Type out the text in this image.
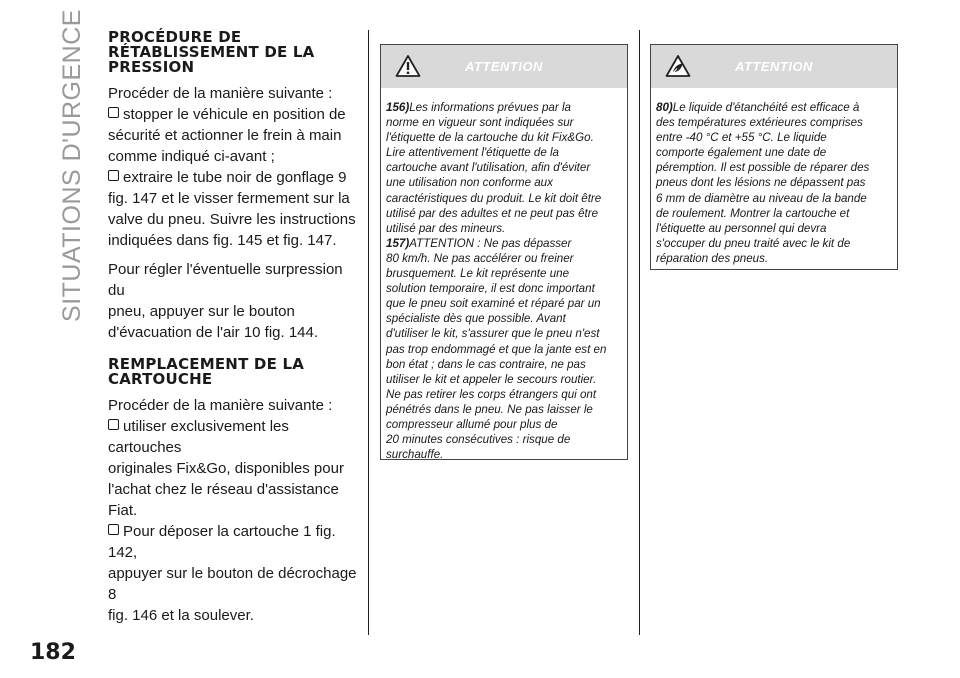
SITUATIONS D'URGENCE
182
PROCÉDURE DE
RÉTABLISSEMENT DE LA
PRESSION
Procéder de la manière suivante :
stopper le véhicule en position de
sécurité et actionner le frein à main
comme indiqué ci-avant ;
extraire le tube noir de gonflage 9
fig. 147 et le visser fermement sur la
valve du pneu. Suivre les instructions
indiquées dans fig. 145 et fig. 147.
Pour régler l'éventuelle surpression du
pneu, appuyer sur le bouton
d'évacuation de l'air 10 fig. 144.
REMPLACEMENT DE LA
CARTOUCHE
Procéder de la manière suivante :
utiliser exclusivement les cartouches
originales Fix&Go, disponibles pour
l'achat chez le réseau d'assistance Fiat.
Pour déposer la cartouche 1 fig. 142,
appuyer sur le bouton de décrochage 8
fig. 146 et la soulever.
ATTENTION

156)Les informations prévues par la

norme en vigueur sont indiquées sur

l'étiquette de la cartouche du kit Fix&Go.

Lire attentivement l'étiquette de la

cartouche avant l'utilisation, afin d'éviter

une utilisation non conforme aux

caractéristiques du produit. Le kit doit être

utilisé par des adultes et ne peut pas être

utilisé par des mineurs.

157)ATTENTION : Ne pas dépasser

80 km/h. Ne pas accélérer ou freiner

brusquement. Le kit représente une

solution temporaire, il est donc important

que le pneu soit examiné et réparé par un

spécialiste dès que possible. Avant

d'utiliser le kit, s'assurer que le pneu n'est

pas trop endommagé et que la jante est en

bon état ; dans le cas contraire, ne pas

utiliser le kit et appeler le secours routier.

Ne pas retirer les corps étrangers qui ont

pénétrés dans le pneu. Ne pas laisser le

compresseur allumé pour plus de

20 minutes consécutives : risque de

surchauffe.

ATTENTION

80)Le liquide d'étanchéité est efficace à

des températures extérieures comprises

entre -40 °C et +55 °C. Le liquide

comporte également une date de

péremption. Il est possible de réparer des

pneus dont les lésions ne dépassent pas

6 mm de diamètre au niveau de la bande

de roulement. Montrer la cartouche et

l'étiquette au personnel qui devra

s'occuper du pneu traité avec le kit de

réparation des pneus.
